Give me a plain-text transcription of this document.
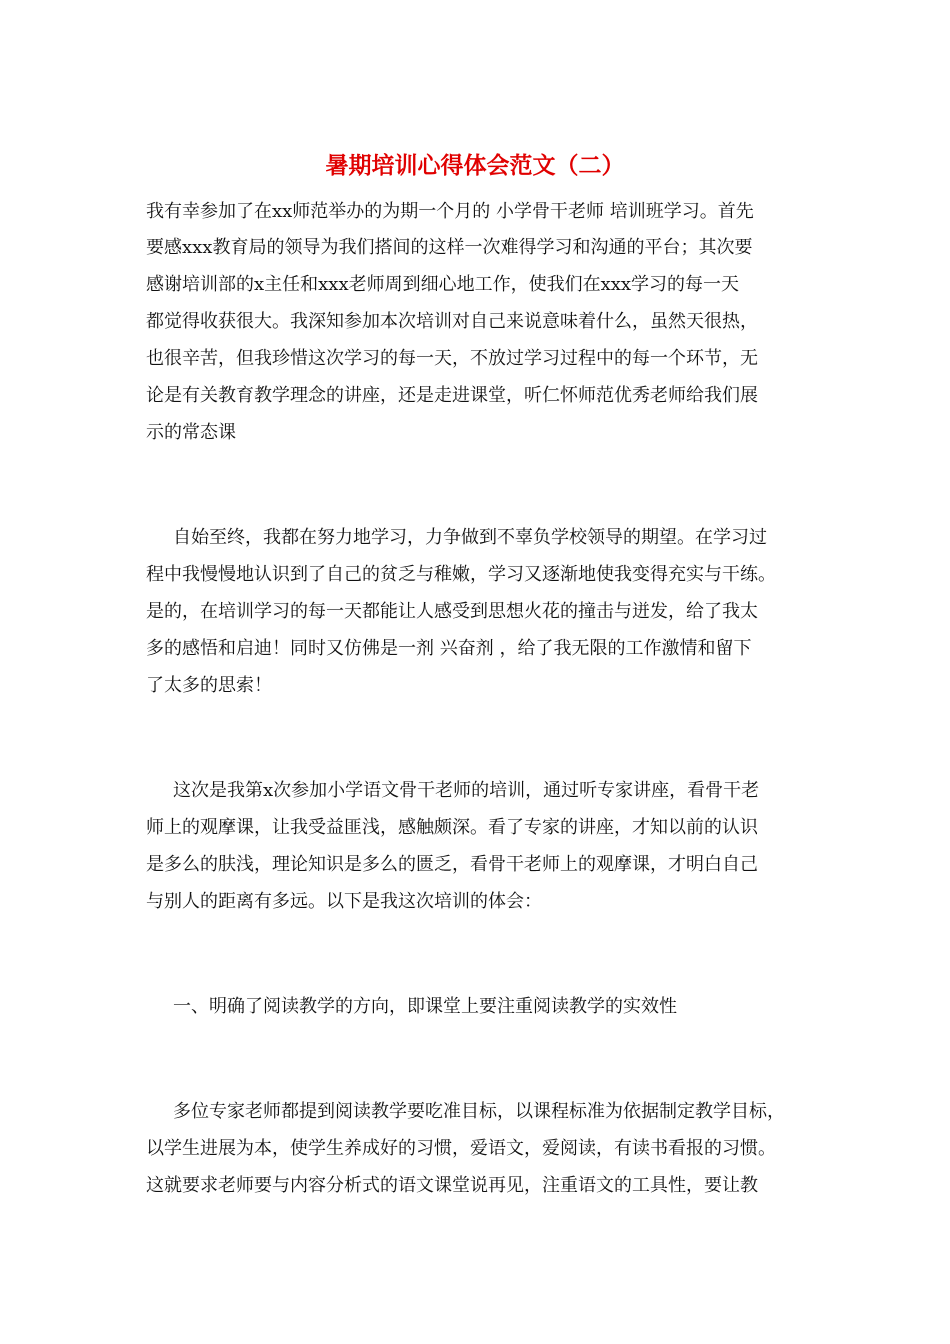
暑期培训心得体会范文（二）

我有幸参加了在xx师范举办的为期一个月的 小学骨干老师 培训班学习。首先

要感xxx教育局的领导为我们搭间的这样一次难得学习和沟通的平台；其次要

感谢培训部的x主任和xxx老师周到细心地工作，使我们在xxx学习的每一天

都觉得收获很大。我深知参加本次培训对自己来说意味着什么，虽然天很热，

也很辛苦，但我珍惜这次学习的每一天，不放过学习过程中的每一个环节，无

论是有关教育教学理念的讲座，还是走进课堂，听仁怀师范优秀老师给我们展

示的常态课

自始至终，我都在努力地学习，力争做到不辜负学校领导的期望。在学习过

程中我慢慢地认识到了自己的贫乏与稚嫩，学习又逐渐地使我变得充实与干练。

是的，在培训学习的每一天都能让人感受到思想火花的撞击与迸发，给了我太

多的感悟和启迪！同时又仿佛是一剂 兴奋剂 ，给了我无限的工作激情和留下

了太多的思索！

这次是我第x次参加小学语文骨干老师的培训，通过听专家讲座，看骨干老

师上的观摩课，让我受益匪浅，感触颇深。看了专家的讲座，才知以前的认识

是多么的肤浅，理论知识是多么的匮乏，看骨干老师上的观摩课，才明白自己

与别人的距离有多远。以下是我这次培训的体会：

一、明确了阅读教学的方向，即课堂上要注重阅读教学的实效性

多位专家老师都提到阅读教学要吃准目标，以课程标准为依据制定教学目标，

以学生进展为本，使学生养成好的习惯，爱语文，爱阅读，有读书看报的习惯。

这就要求老师要与内容分析式的语文课堂说再见，注重语文的工具性，要让教
